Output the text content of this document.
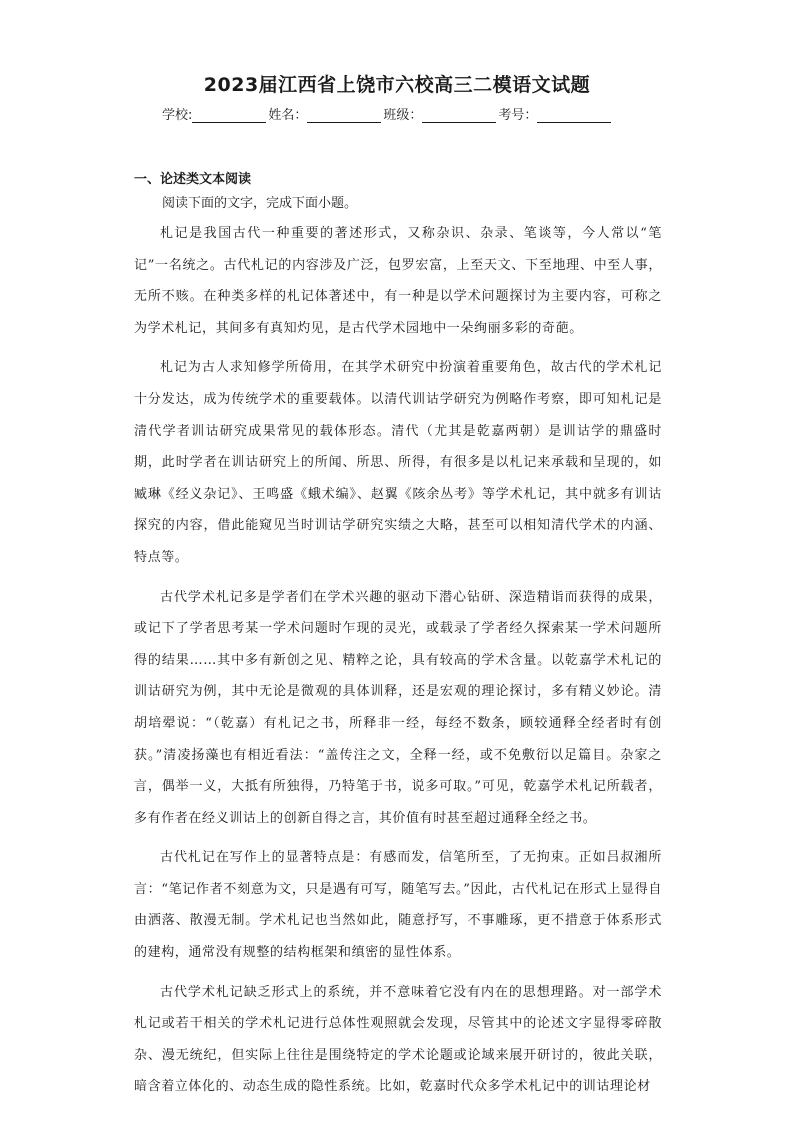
2023届江西省上饶市六校高三二模语文试题
学校:	姓名：	班级：	考号：
一、论述类文本阅读
阅读下面的文字，完成下面小题。

札记是我国古代一种重要的著述形式，又称杂识、杂录、笔谈等，今人常以“笔记”一名统之。古代札记的内容涉及广泛，包罗宏富，上至天文、下至地理、中至人事，无所不赅。在种类多样的札记体著述中，有一种是以学术问题探讨为主要内容，可称之为学术札记，其间多有真知灼见，是古代学术园地中一朵绚丽多彩的奇葩。

札记为古人求知修学所倚用，在其学术研究中扮演着重要角色，故古代的学术札记十分发达，成为传统学术的重要载体。以清代训诂学研究为例略作考察，即可知札记是清代学者训诂研究成果常见的载体形态。清代（尤其是乾嘉两朝）是训诂学的鼎盛时期，此时学者在训诂研究上的所闻、所思、所得，有很多是以札记来承载和呈现的，如臧琳《经义杂记》、王鸣盛《蛾术编》、赵翼《陔余丛考》等学术札记，其中就多有训诂探究的内容，借此能窥见当时训诂学研究实绩之大略，甚至可以相知清代学术的内涵、特点等。

古代学术札记多是学者们在学术兴趣的驱动下潜心钻研、深造精诣而获得的成果，或记下了学者思考某一学术问题时乍现的灵光，或载录了学者经久探索某一学术问题所得的结果……其中多有新创之见、精粹之论，具有较高的学术含量。以乾嘉学术札记的训诂研究为例，其中无论是微观的具体训释，还是宏观的理论探讨，多有精义妙论。清胡培翚说：“（乾嘉）有札记之书，所释非一经，每经不数条，顾较通释全经者时有创获。”清凌扬藻也有相近看法：“盖传注之文，全释一经，或不免敷衍以足篇目。杂家之言，偶举一义，大抵有所独得，乃特笔于书，说多可取。”可见，乾嘉学术札记所载者，多有作者在经义训诂上的创新自得之言，其价值有时甚至超过通释全经之书。

古代札记在写作上的显著特点是：有感而发，信笔所至，了无拘束。正如吕叔湘所言：“笔记作者不刻意为文，只是遇有可写，随笔写去。”因此，古代札记在形式上显得自由洒落、散漫无制。学术札记也当然如此，随意抒写，不事雕琢，更不措意于体系形式的建构，通常没有规整的结构框架和缜密的显性体系。

古代学术札记缺乏形式上的系统，并不意味着它没有内在的思想理路。对一部学术札记或若干相关的学术札记进行总体性观照就会发现，尽管其中的论述文字显得零碎散杂、漫无统纪，但实际上往往是围绕特定的学术论题或论域来展开研讨的，彼此关联，暗含着立体化的、动态生成的隐性系统。比如，乾嘉时代众多学术札记中的训诂理论材
